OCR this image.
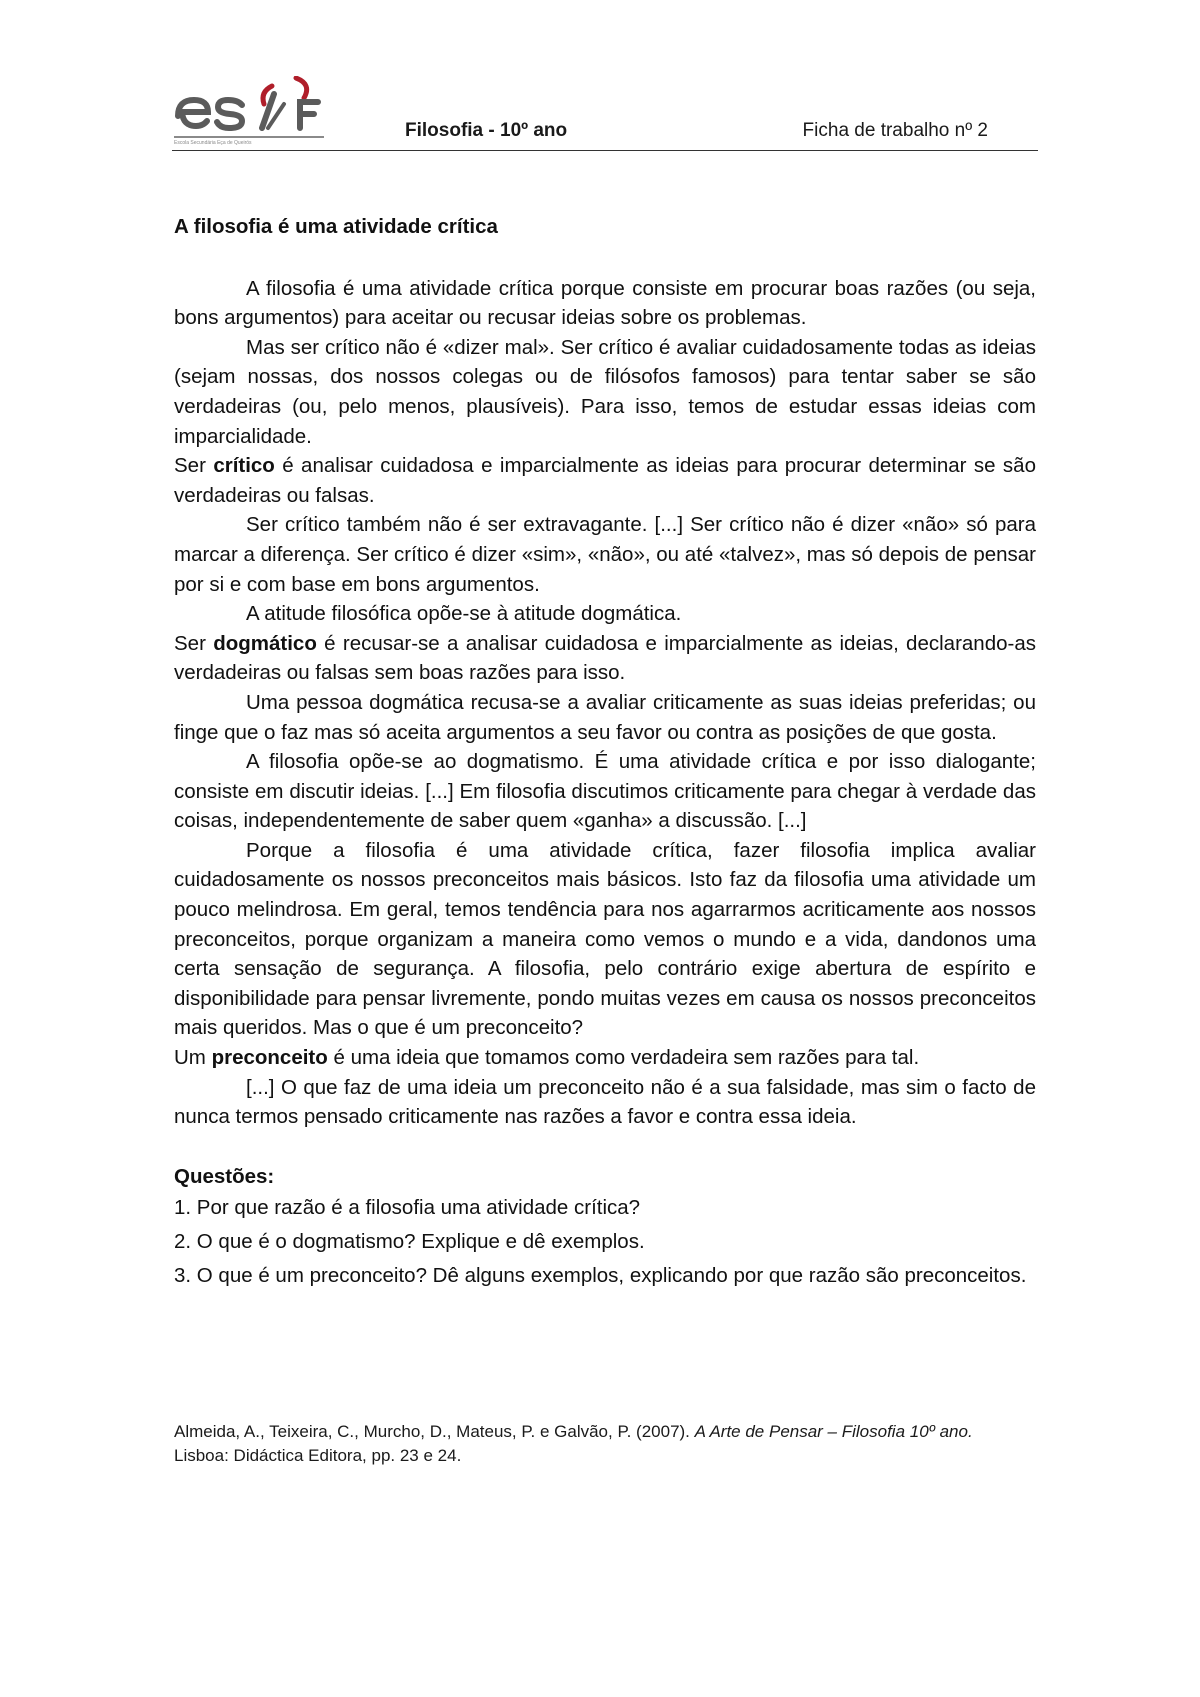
Escola Secundária Eça de Queirós
Filosofia - 10º ano	Ficha de trabalho nº 2

A filosofia é uma atividade crítica

A filosofia é uma atividade crítica porque consiste em procurar boas razões (ou seja, bons argumentos) para aceitar ou recusar ideias sobre os problemas.

Mas ser crítico não é «dizer mal». Ser crítico é avaliar cuidadosamente todas as ideias (sejam nossas, dos nossos colegas ou de filósofos famosos) para tentar saber se são verdadeiras (ou, pelo menos, plausíveis). Para isso, temos de estudar essas ideias com imparcialidade.

Ser crítico é analisar cuidadosa e imparcialmente as ideias para procurar determinar se são verdadeiras ou falsas.

Ser crítico também não é ser extravagante. [...] Ser crítico não é dizer «não» só para marcar a diferença. Ser crítico é dizer «sim», «não», ou até «talvez», mas só depois de pensar por si e com base em bons argumentos.

A atitude filosófica opõe-se à atitude dogmática.

Ser dogmático é recusar-se a analisar cuidadosa e imparcialmente as ideias, declarando-as verdadeiras ou falsas sem boas razões para isso.

Uma pessoa dogmática recusa-se a avaliar criticamente as suas ideias preferidas; ou finge que o faz mas só aceita argumentos a seu favor ou contra as posições de que gosta.

A filosofia opõe-se ao dogmatismo. É uma atividade crítica e por isso dialogante; consiste em discutir ideias. [...] Em filosofia discutimos criticamente para chegar à verdade das coisas, independentemente de saber quem «ganha» a discussão. [...]

Porque a filosofia é uma atividade crítica, fazer filosofia implica avaliar cuidadosamente os nossos preconceitos mais básicos. Isto faz da filosofia uma atividade um pouco melindrosa. Em geral, temos tendência para nos agarrarmos acriticamente aos nossos preconceitos, porque organizam a maneira como vemos o mundo e a vida, dandonos uma certa sensação de segurança. A filosofia, pelo contrário exige abertura de espírito e disponibilidade para pensar livremente, pondo muitas vezes em causa os nossos preconceitos mais queridos. Mas o que é um preconceito?

Um preconceito é uma ideia que tomamos como verdadeira sem razões para tal.

[...] O que faz de uma ideia um preconceito não é a sua falsidade, mas sim o facto de nunca termos pensado criticamente nas razões a favor e contra essa ideia.

Questões:

1. Por que razão é a filosofia uma atividade crítica?

2. O que é o dogmatismo? Explique e dê exemplos.

3. O que é um preconceito? Dê alguns exemplos, explicando por que razão são preconceitos.

Almeida, A., Teixeira, C., Murcho, D., Mateus, P. e Galvão, P. (2007). A Arte de Pensar – Filosofia 10º ano.
Lisboa: Didáctica Editora, pp. 23 e 24.
